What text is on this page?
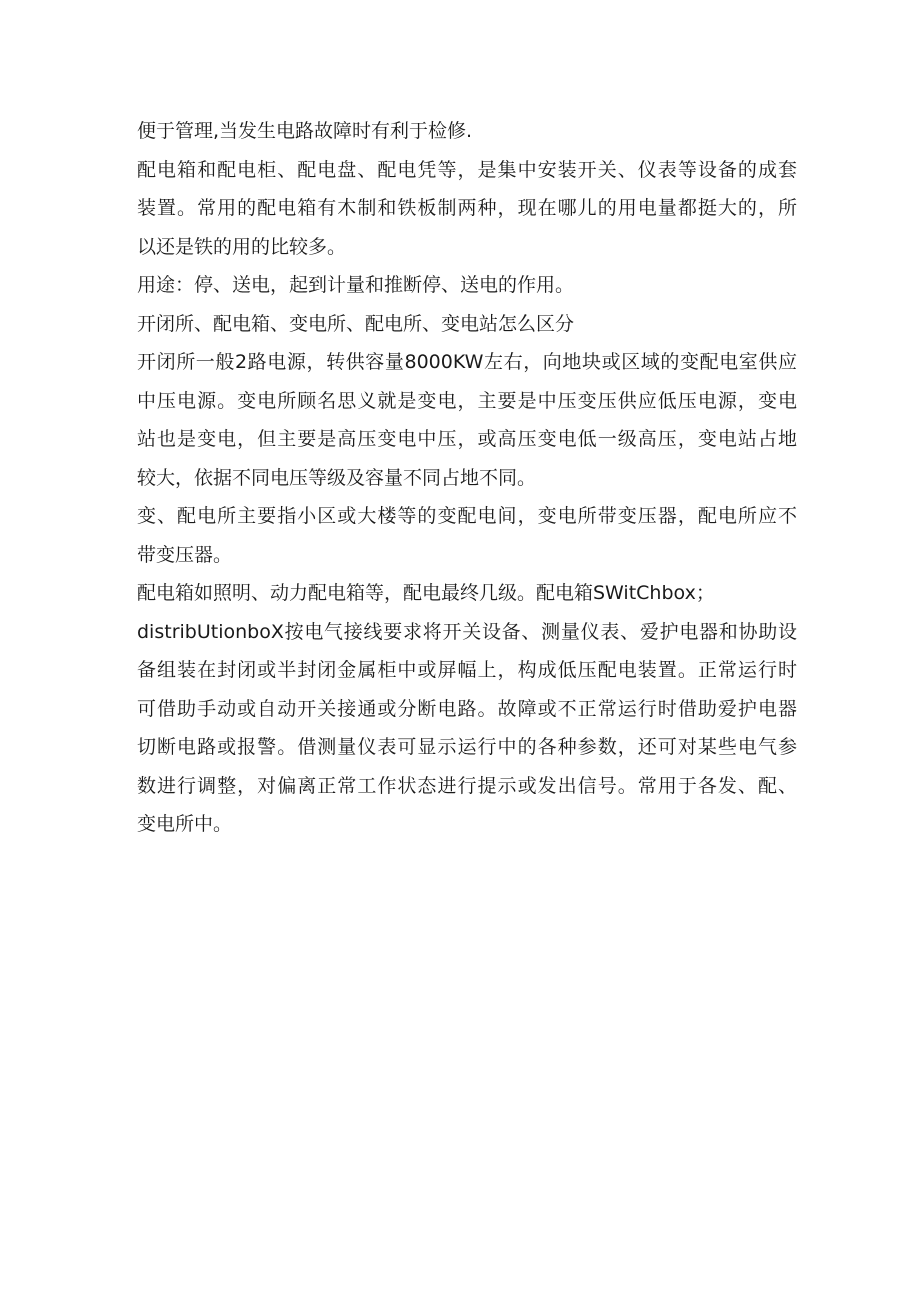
便于管理,当发生电路故障时有利于检修.
配电箱和配电柜、配电盘、配电凭等，是集中安装开关、仪表等设备的成套
装置。常用的配电箱有木制和铁板制两种，现在哪儿的用电量都挺大的，所
以还是铁的用的比较多。
用途：停、送电，起到计量和推断停、送电的作用。
开闭所、配电箱、变电所、配电所、变电站怎么区分
开闭所一般2路电源，转供容量8000KW左右，向地块或区域的变配电室供应
中压电源。变电所顾名思义就是变电，主要是中压变压供应低压电源，变电
站也是变电，但主要是高压变电中压，或高压变电低一级高压，变电站占地
较大，依据不同电压等级及容量不同占地不同。
变、配电所主要指小区或大楼等的变配电间，变电所带变压器，配电所应不
带变压器。
配电箱如照明、动力配电箱等，配电最终几级。配电箱SWitChbox；
distribUtionboX按电气接线要求将开关设备、测量仪表、爱护电器和协助设
备组装在封闭或半封闭金属柜中或屏幅上，构成低压配电装置。正常运行时
可借助手动或自动开关接通或分断电路。故障或不正常运行时借助爱护电器
切断电路或报警。借测量仪表可显示运行中的各种参数，还可对某些电气参
数进行调整，对偏离正常工作状态进行提示或发出信号。常用于各发、配、
变电所中。
